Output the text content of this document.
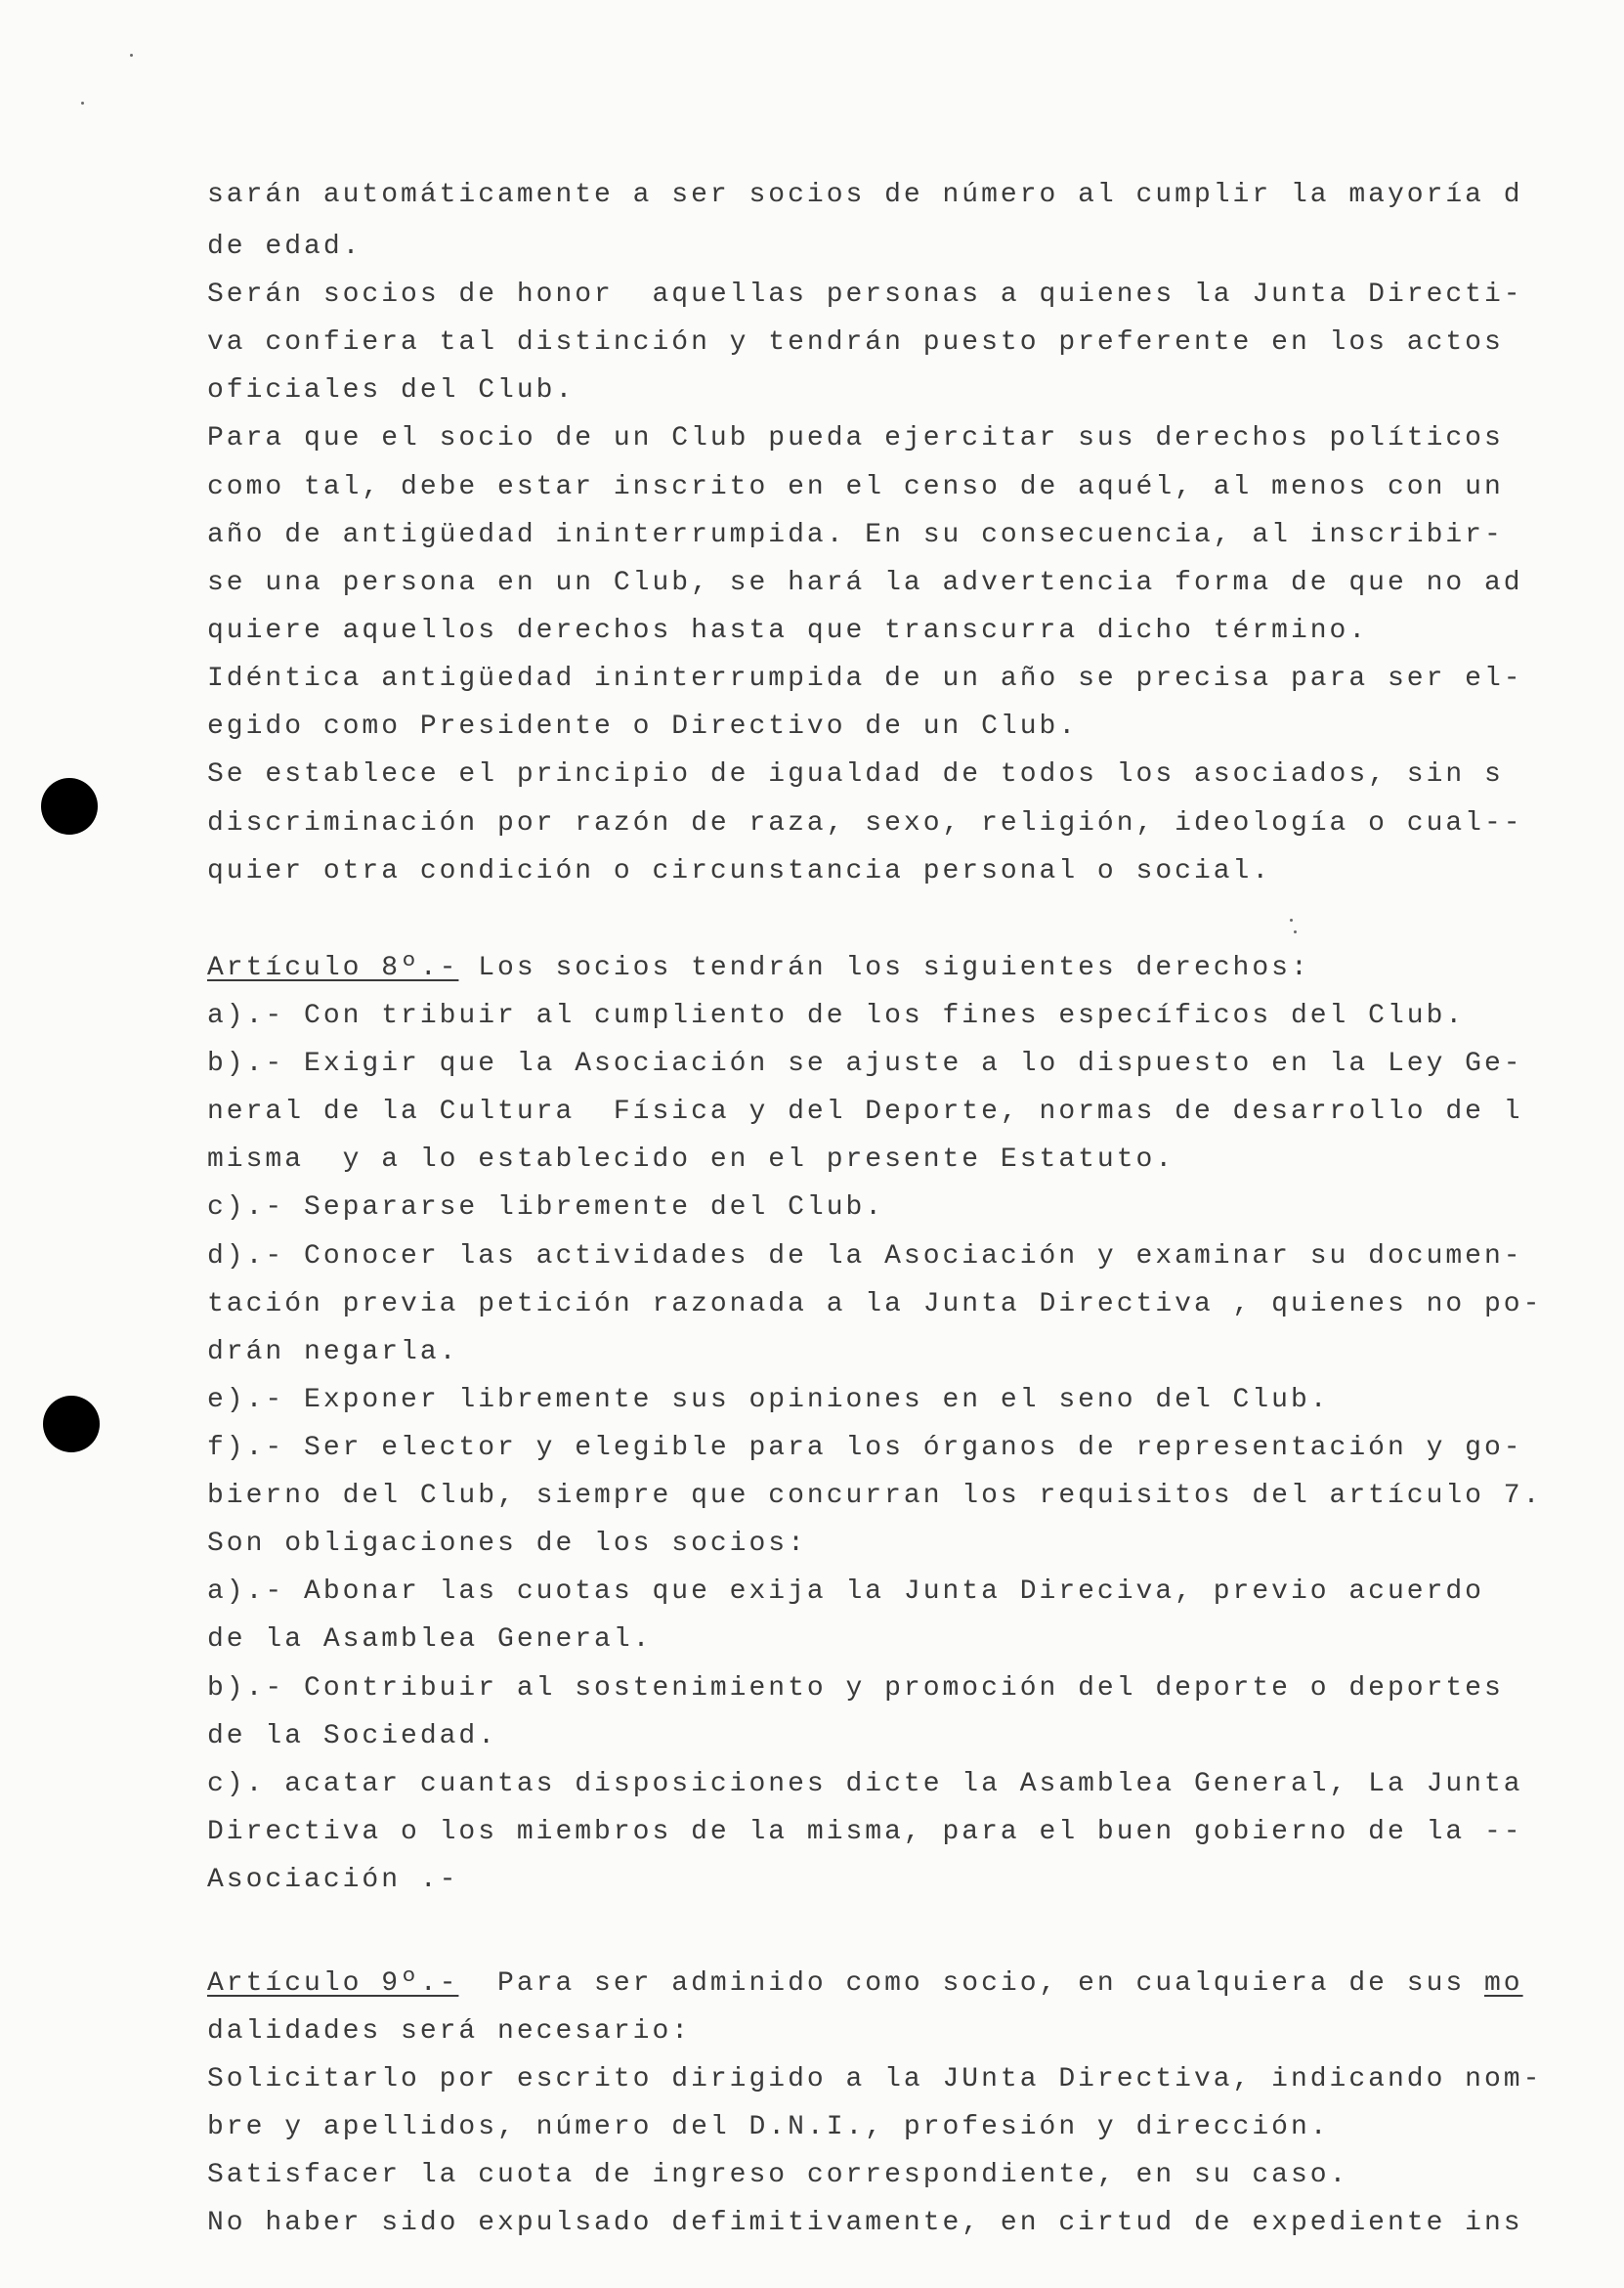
sarán automáticamente a ser socios de número al cumplir la mayoría d
de edad.
Serán socios de honor  aquellas personas a quienes la Junta Directi-
va confiera tal distinción y tendrán puesto preferente en los actos
oficiales del Club.
Para que el socio de un Club pueda ejercitar sus derechos políticos
como tal, debe estar inscrito en el censo de aquél, al menos con un
año de antigüedad ininterrumpida. En su consecuencia, al inscribir-
se una persona en un Club, se hará la advertencia forma de que no ad
quiere aquellos derechos hasta que transcurra dicho término.
Idéntica antigüedad ininterrumpida de un año se precisa para ser el-
egido como Presidente o Directivo de un Club.
Se establece el principio de igualdad de todos los asociados, sin s
discriminación por razón de raza, sexo, religión, ideología o cual--
quier otra condición o circunstancia personal o social.
Artículo 8º.- Los socios tendrán los siguientes derechos:
a).- Con tribuir al cumpliento de los fines específicos del Club.
b).- Exigir que la Asociación se ajuste a lo dispuesto en la Ley Ge-
neral de la Cultura  Física y del Deporte, normas de desarrollo de l
misma  y a lo establecido en el presente Estatuto.
c).- Separarse libremente del Club.
d).- Conocer las actividades de la Asociación y examinar su documen-
tación previa petición razonada a la Junta Directiva , quienes no po-
drán negarla.
e).- Exponer libremente sus opiniones en el seno del Club.
f).- Ser elector y elegible para los órganos de representación y go-
bierno del Club, siempre que concurran los requisitos del artículo 7.
Son obligaciones de los socios:
a).- Abonar las cuotas que exija la Junta Direciva, previo acuerdo
de la Asamblea General.
b).- Contribuir al sostenimiento y promoción del deporte o deportes
de la Sociedad.
c). acatar cuantas disposiciones dicte la Asamblea General, La Junta
Directiva o los miembros de la misma, para el buen gobierno de la --
Asociación .-
Artículo 9º.-  Para ser adminido como socio, en cualquiera de sus mo
dalidades será necesario:
Solicitarlo por escrito dirigido a la JUnta Directiva, indicando nom-
bre y apellidos, número del D.N.I., profesión y dirección.
Satisfacer la cuota de ingreso correspondiente, en su caso.
No haber sido expulsado defimitivamente, en cirtud de expediente ins
